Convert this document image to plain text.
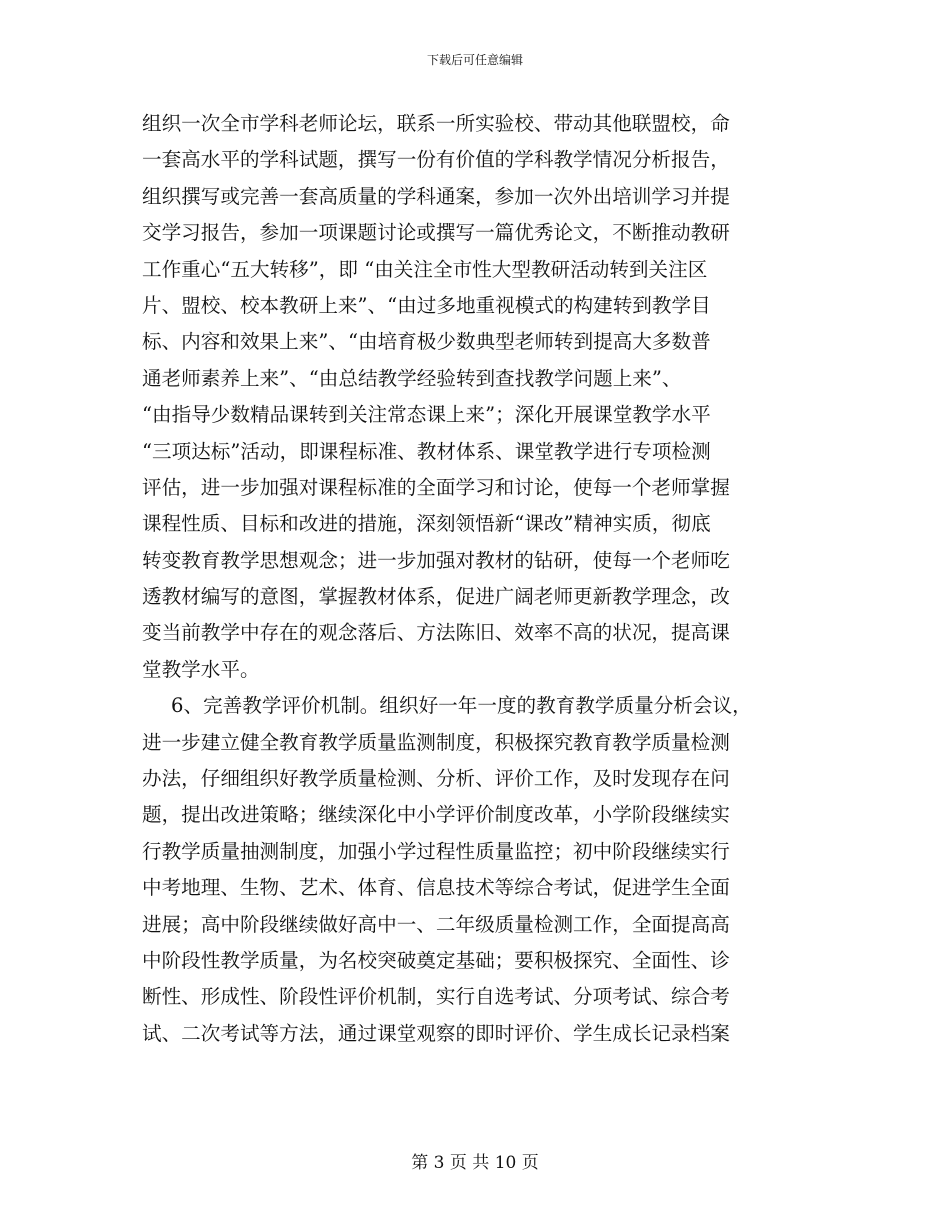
下载后可任意编辑
组织一次全市学科老师论坛，联系一所实验校、带动其他联盟校，命
一套高水平的学科试题，撰写一份有价值的学科教学情况分析报告，
组织撰写或完善一套高质量的学科通案，参加一次外出培训学习并提
交学习报告，参加一项课题讨论或撰写一篇优秀论文，不断推动教研
工作重心“五大转移”，即 “由关注全市性大型教研活动转到关注区
片、盟校、校本教研上来”、“由过多地重视模式的构建转到教学目
标、内容和效果上来”、“由培育极少数典型老师转到提高大多数普
通老师素养上来”、“由总结教学经验转到查找教学问题上来”、
“由指导少数精品课转到关注常态课上来”；深化开展课堂教学水平
“三项达标”活动，即课程标准、教材体系、课堂教学进行专项检测
评估，进一步加强对课程标准的全面学习和讨论，使每一个老师掌握
课程性质、目标和改进的措施，深刻领悟新“课改”精神实质，彻底
转变教育教学思想观念；进一步加强对教材的钻研，使每一个老师吃
透教材编写的意图，掌握教材体系，促进广阔老师更新教学理念，改
变当前教学中存在的观念落后、方法陈旧、效率不高的状况，提高课
堂教学水平。
6、完善教学评价机制。组织好一年一度的教育教学质量分析会议，
进一步建立健全教育教学质量监测制度，积极探究教育教学质量检测
办法，仔细组织好教学质量检测、分析、评价工作，及时发现存在问
题，提出改进策略；继续深化中小学评价制度改革，小学阶段继续实
行教学质量抽测制度，加强小学过程性质量监控；初中阶段继续实行
中考地理、生物、艺术、体育、信息技术等综合考试，促进学生全面
进展；高中阶段继续做好高中一、二年级质量检测工作，全面提高高
中阶段性教学质量，为名校突破奠定基础；要积极探究、全面性、诊
断性、形成性、阶段性评价机制，实行自选考试、分项考试、综合考
试、二次考试等方法，通过课堂观察的即时评价、学生成长记录档案
第 3 页 共 10 页
